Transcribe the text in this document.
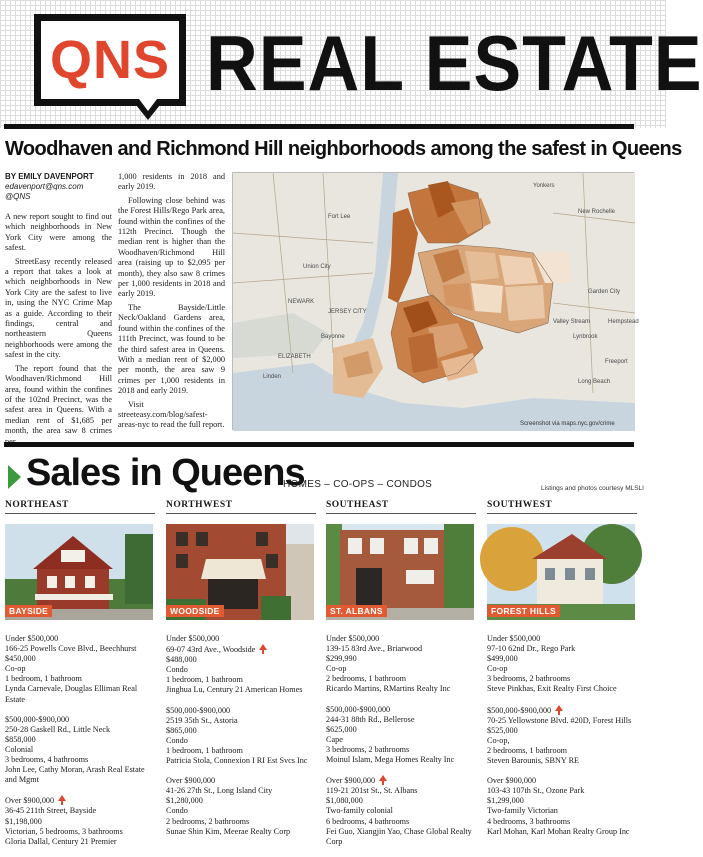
QNS REAL ESTATE
Woodhaven and Richmond Hill neighborhoods among the safest in Queens
BY EMILY DAVENPORT
edavenport@qns.com
@QNS

A new report sought to find out which neighborhoods in New York City were among the safest.

StreetEasy recently released a report that takes a look at which neighborhoods in New York City are the safest to live in, using the NYC Crime Map as a guide. According to their findings, central and northeastern Queens neighborhoods were among the safest in the city.

The report found that the Woodhaven/Richmond Hill area, found within the confines of the 102nd Precinct, was the safest area in Queens. With a median rent of $1,685 per month, the area saw 8 crimes

1,000 residents in 2018 and early 2019.

Following close behind was the Forest Hills/Rego Park area, found within the confines of the 112th Precinct. Though the median rent is higher than the Woodhaven/Richmond Hill area (raising up to $2,095 per month), they also saw 8 crimes per 1,000 residents in 2018 and early 2019.

The Bayside/Little Neck/Oakland Gardens area, found within the confines of the 111th Precinct, was found to be the third safest area in Queens. With a median rent of $2,000 per month, the area saw 9 crimes per 1,000 residents in 2018 and early 2019.

Visit streeteasy.com/blog/safest-areas-nyc to read the full report.

Yonkers
New Rochelle
Fort Lee
Union City
NEWARK
JERSEY CITY
Bayonne
ELIZABETH
Linden
Lynbrook
Valley Stream
Long Beach
Freeport
Garden City
Hempstead
Screenshot via maps.nyc.gov/crime
Sales in Queens
HOMES – CO-OPS – CONDOS	Listings and photos courtesy MLSLI
NORTHEAST	NORTHWEST	SOUTHEAST	SOUTHWEST
BAYSIDE	WOODSIDE	ST. ALBANS	FOREST HILLS
Under $500,000
166-25 Powells Cove Blvd., Beechhurst
$450,000
Co-op
1 bedroom, 1 bathroom
Lynda Carnevale, Douglas Elliman Real Estate
$500,000-$900,000
250-28 Gaskell Rd., Little Neck
$858,000
Colonial
3 bedrooms, 4 bathrooms
John Lee, Cathy Moran, Arash Real Estate and Mgmt
Over $900,000
36-45 211th Street, Bayside
$1,198,000
Victorian, 5 bedrooms, 3 bathrooms
Gloria Dallal, Century 21 Premier
Under $500,000
69-07 43rd Ave., Woodside
$488,000
Condo
1 bedroom, 1 bathroom
Jinghua Lu, Century 21 American Homes
$500,000-$900,000
2519 35th St., Astoria
$865,000
Condo
1 bedroom, 1 bathroom
Patricia Stola, Connexion I RI Est Svcs Inc
Over $900,000
41-26 27th St., Long Island City
$1,280,000
Condo
2 bedrooms, 2 bathrooms
Sunae Shin Kim, Meerae Realty Corp
Under $500,000
139-15 83rd Ave., Briarwood
$299,990
Co-op
2 bedrooms, 1 bathroom
Ricardo Martins, RMartins Realty Inc
$500,000-$900,000
244-31 88th Rd., Bellerose
$625,000
Cape
3 bedrooms, 2 bathrooms
Moinul Islam, Mega Homes Realty Inc
Over $900,000
119-21 201st St., St. Albans
$1,080,000
Two-family colonial
6 bedrooms, 4 bathrooms
Fei Guo, Xiangjin Yao, Chase Global Realty Corp
Under $500,000
97-10 62nd Dr., Rego Park
$499,000
Co-op
3 bedrooms, 2 bathrooms
Steve Pinkhas, Exit Realty First Choice
$500,000-$900,000
70-25 Yellowstone Blvd. #20D, Forest Hills
$525,000
Co-op,
2 bedrooms, 1 bathroom
Steven Barounis, SBNY RE
Over $900,000
103-43 107th St., Ozone Park
$1,299,000
Two-family Victorian
4 bedrooms, 3 bathrooms
Karl Mohan, Karl Mohan Realty Group Inc
